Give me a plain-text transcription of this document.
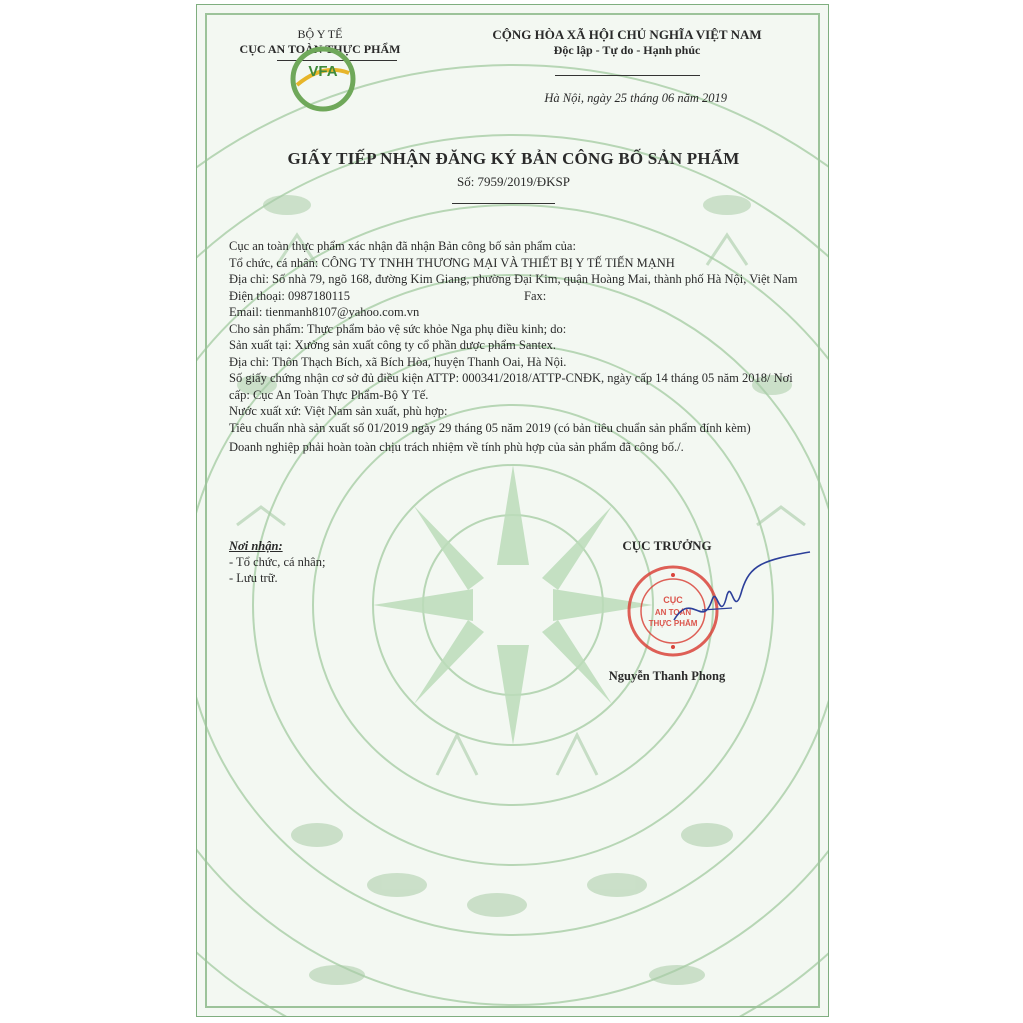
BỘ Y TẾ
CỤC AN TOÀN THỰC PHẨM
VFA
CỘNG HÒA XÃ HỘI CHỦ NGHĨA VIỆT NAM
Độc lập - Tự do - Hạnh phúc
Hà Nội, ngày 25 tháng 06 năm 2019
GIẤY TIẾP NHẬN ĐĂNG KÝ BẢN CÔNG BỐ SẢN PHẨM
Số: 7959/2019/ĐKSP

Cục an toàn thực phẩm xác nhận đã nhận Bản công bố sản phẩm của:

Tổ chức, cá nhân: CÔNG TY TNHH THƯƠNG MẠI VÀ THIẾT BỊ Y TẾ TIẾN MẠNH

Địa chỉ: Số nhà 79, ngõ 168, đường Kim Giang, phường Đại Kim, quận Hoàng Mai, thành phố Hà Nội, Việt Nam

Điện thoại: 0987180115	Fax:

Email: tienmanh8107@yahoo.com.vn

Cho sản phẩm: Thực phẩm bảo vệ sức khỏe Nga phụ điều kinh; do:

Sản xuất tại: Xưởng sản xuất công ty cổ phần dược phẩm Santex.

Địa chỉ: Thôn Thạch Bích, xã Bích Hòa, huyện Thanh Oai, Hà Nội.

Số giấy chứng nhận cơ sở đủ điều kiện ATTP: 000341/2018/ATTP-CNĐK, ngày cấp 14 tháng 05 năm 2018/ Nơi cấp: Cục An Toàn Thực Phẩm-Bộ Y Tế.

Nước xuất xứ: Việt Nam sản xuất, phù hợp:

Tiêu chuẩn nhà sản xuất số 01/2019 ngày 29 tháng 05 năm 2019 (có bản tiêu chuẩn sản phẩm đính kèm)

Doanh nghiệp phải hoàn toàn chịu trách nhiệm về tính phù hợp của sản phẩm đã công bố./.

Nơi nhận:
- Tổ chức, cá nhân;
- Lưu trữ.
CỤC TRƯỞNG
CỤC
AN TOÀN
THỰC PHẨM
Nguyễn Thanh Phong
